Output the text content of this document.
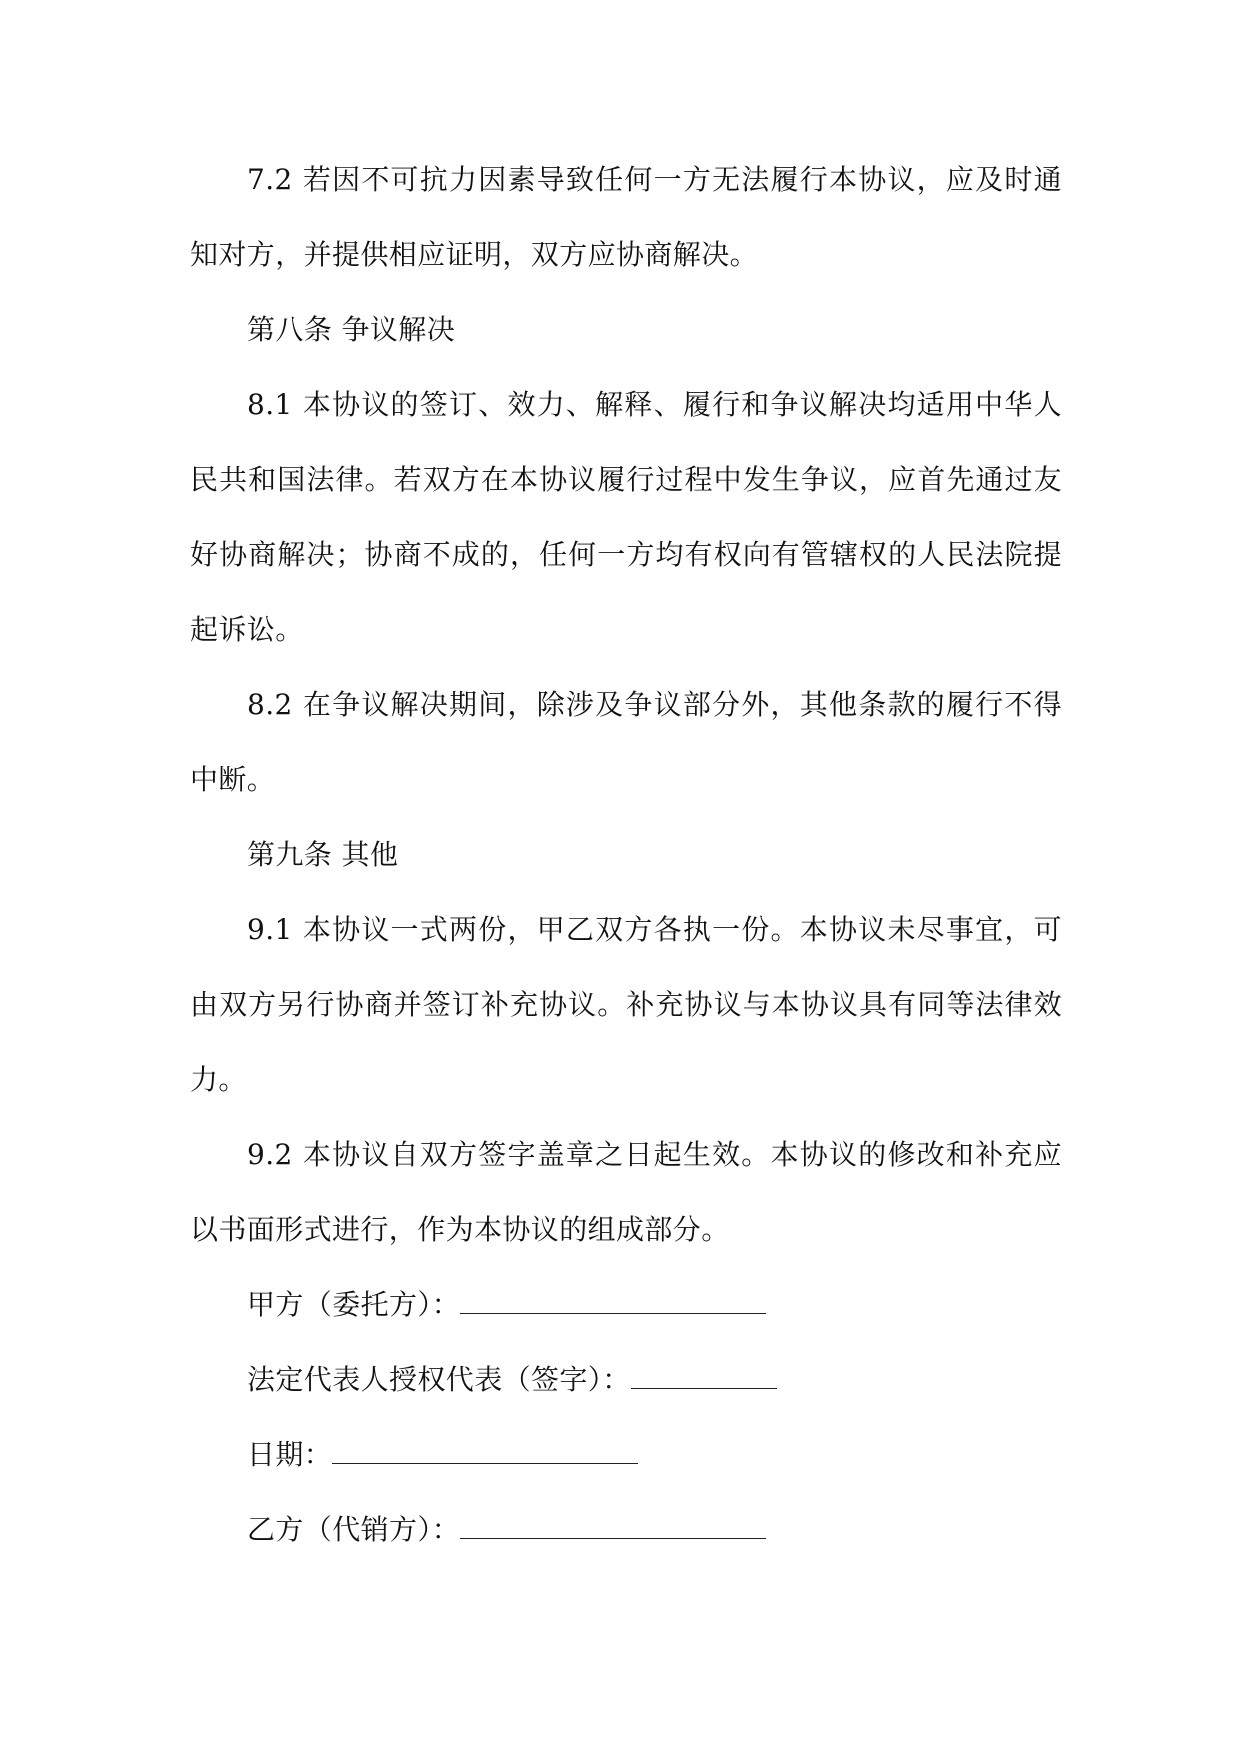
7.2 若因不可抗力因素导致任何一方无法履行本协议，应及时通知对方，并提供相应证明，双方应协商解决。

第八条 争议解决

8.1 本协议的签订、效力、解释、履行和争议解决均适用中华人民共和国法律。若双方在本协议履行过程中发生争议，应首先通过友好协商解决；协商不成的，任何一方均有权向有管辖权的人民法院提起诉讼。

8.2 在争议解决期间，除涉及争议部分外，其他条款的履行不得中断。

第九条 其他

9.1 本协议一式两份，甲乙双方各执一份。本协议未尽事宜，可由双方另行协商并签订补充协议。补充协议与本协议具有同等法律效力。

9.2 本协议自双方签字盖章之日起生效。本协议的修改和补充应以书面形式进行，作为本协议的组成部分。

甲方（委托方）：

法定代表人授权代表（签字）：

日期：

乙方（代销方）：
